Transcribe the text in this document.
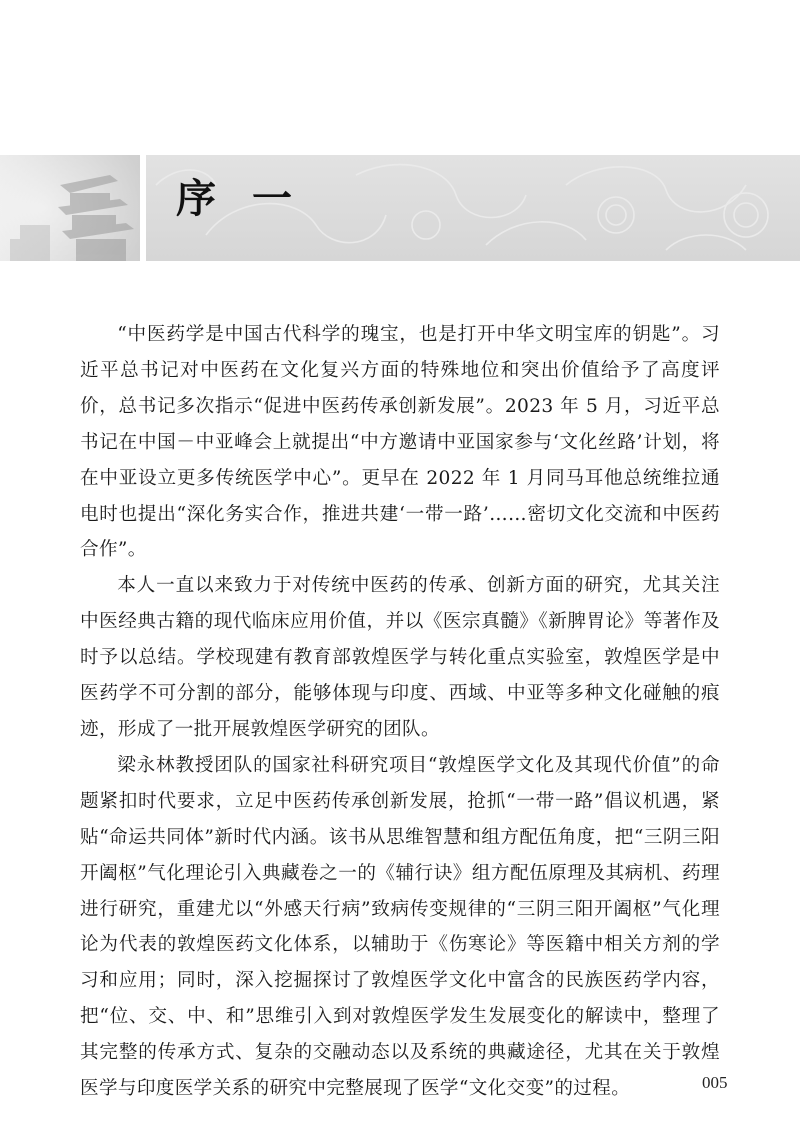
序一

“中医药学是中国古代科学的瑰宝，也是打开中华文明宝库的钥匙”。习近平总书记对中医药在文化复兴方面的特殊地位和突出价值给予了高度评价，总书记多次指示“促进中医药传承创新发展”。2023 年 5 月，习近平总书记在中国－中亚峰会上就提出“中方邀请中亚国家参与‘文化丝路’计划，将在中亚设立更多传统医学中心”。更早在 2022 年 1 月同马耳他总统维拉通电时也提出“深化务实合作，推进共建‘一带一路’……密切文化交流和中医药合作”。

本人一直以来致力于对传统中医药的传承、创新方面的研究，尤其关注中医经典古籍的现代临床应用价值，并以《医宗真髓》《新脾胃论》等著作及时予以总结。学校现建有教育部敦煌医学与转化重点实验室，敦煌医学是中医药学不可分割的部分，能够体现与印度、西域、中亚等多种文化碰触的痕迹，形成了一批开展敦煌医学研究的团队。

梁永林教授团队的国家社科研究项目“敦煌医学文化及其现代价值”的命题紧扣时代要求，立足中医药传承创新发展，抢抓“一带一路”倡议机遇，紧贴“命运共同体”新时代内涵。该书从思维智慧和组方配伍角度，把“三阴三阳开阖枢”气化理论引入典藏卷之一的《辅行诀》组方配伍原理及其病机、药理进行研究，重建尤以“外感天行病”致病传变规律的“三阴三阳开阖枢”气化理论为代表的敦煌医药文化体系，以辅助于《伤寒论》等医籍中相关方剂的学习和应用；同时，深入挖掘探讨了敦煌医学文化中富含的民族医药学内容，把“位、交、中、和”思维引入到对敦煌医学发生发展变化的解读中，整理了其完整的传承方式、复杂的交融动态以及系统的典藏途径，尤其在关于敦煌医学与印度医学关系的研究中完整展现了医学“文化交变”的过程。	005
